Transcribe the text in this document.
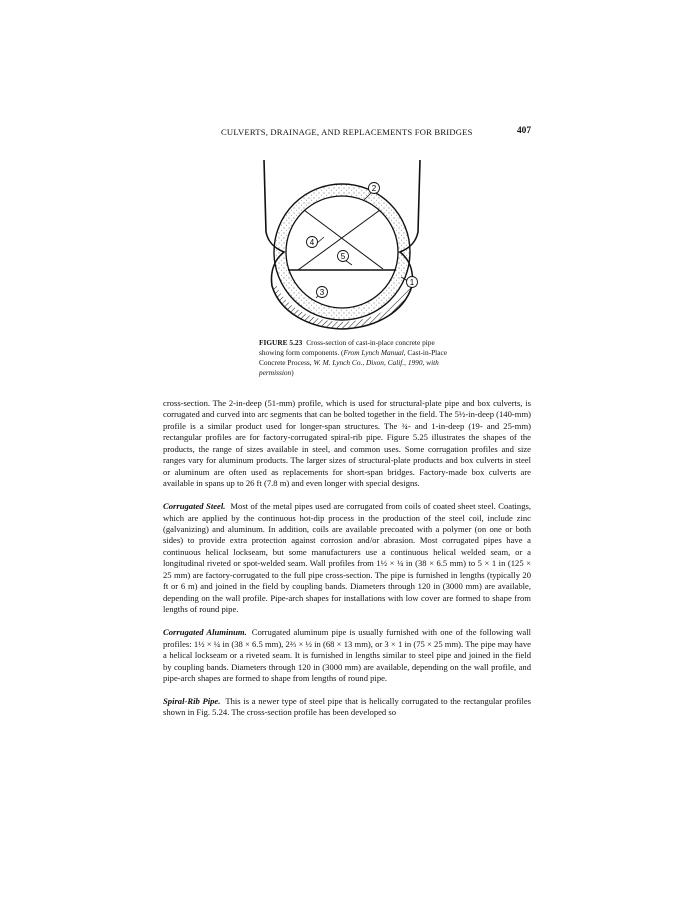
CULVERTS, DRAINAGE, AND REPLACEMENTS FOR BRIDGES	407
2
4
5
3
1
FIGURE 5.23 Cross-section of cast-in-place concrete pipe showing form components. (From Lynch Manual, Cast-in-Place Concrete Process, W. M. Lynch Co., Dixon, Calif., 1990, with permission)

cross-section. The 2-in-deep (51-mm) profile, which is used for structural-plate pipe and box culverts, is corrugated and curved into arc segments that can be bolted together in the field. The 5½-in-deep (140-mm) profile is a similar product used for longer-span structures. The ¾- and 1-in-deep (19- and 25-mm) rectangular profiles are for factory-corrugated spiral-rib pipe. Figure 5.25 illustrates the shapes of the products, the range of sizes available in steel, and common uses. Some corrugation profiles and size ranges vary for aluminum products. The larger sizes of structural-plate products and box culverts in steel or aluminum are often used as replacements for short-span bridges. Factory-made box culverts are available in spans up to 26 ft (7.8 m) and even longer with special designs.

Corrugated Steel. Most of the metal pipes used are corrugated from coils of coated sheet steel. Coatings, which are applied by the continuous hot-dip process in the production of the steel coil, include zinc (galvanizing) and aluminum. In addition, coils are available precoated with a polymer (on one or both sides) to provide extra protection against corrosion and/or abrasion. Most corrugated pipes have a continuous helical lockseam, but some manufacturers use a continuous helical welded seam, or a longitudinal riveted or spot-welded seam. Wall profiles from 1½ × ¼ in (38 × 6.5 mm) to 5 × 1 in (125 × 25 mm) are factory-corrugated to the full pipe cross-section. The pipe is furnished in lengths (typically 20 ft or 6 m) and joined in the field by coupling bands. Diameters through 120 in (3000 mm) are available, depending on the wall profile. Pipe-arch shapes for installations with low cover are formed to shape from lengths of round pipe.

Corrugated Aluminum. Corrugated aluminum pipe is usually furnished with one of the following wall profiles: 1½ × ¼ in (38 × 6.5 mm), 2⅔ × ½ in (68 × 13 mm), or 3 × 1 in (75 × 25 mm). The pipe may have a helical lockseam or a riveted seam. It is furnished in lengths similar to steel pipe and joined in the field by coupling bands. Diameters through 120 in (3000 mm) are available, depending on the wall profile, and pipe-arch shapes are formed to shape from lengths of round pipe.

Spiral-Rib Pipe. This is a newer type of steel pipe that is helically corrugated to the rectangular profiles shown in Fig. 5.24. The cross-section profile has been developed so
